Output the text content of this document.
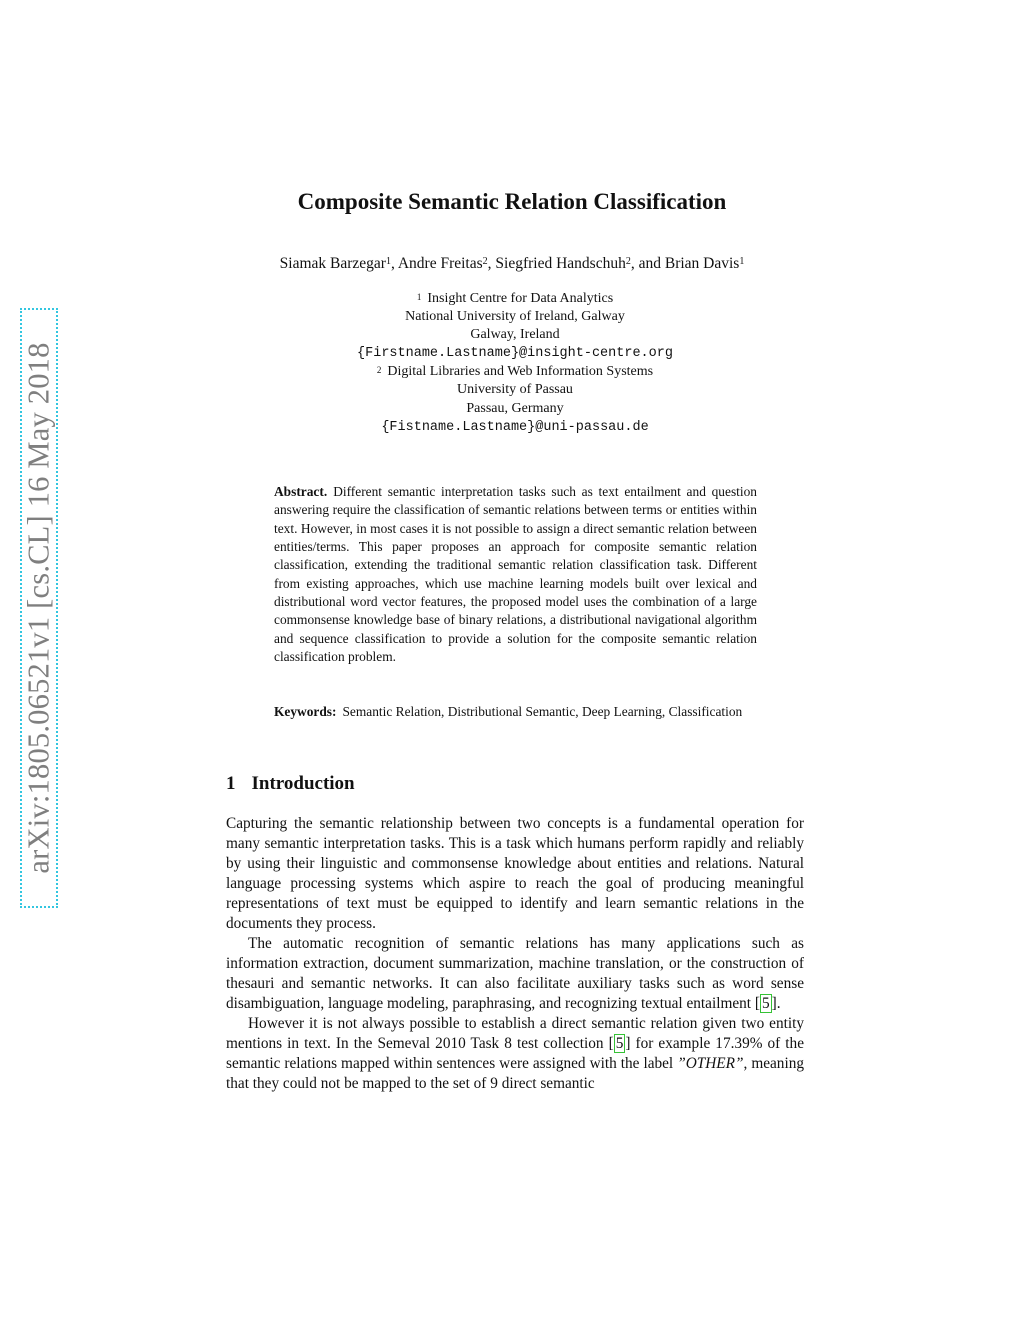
arXiv:1805.06521v1 [cs.CL] 16 May 2018
Composite Semantic Relation Classification
Siamak Barzegar$^1$, Andre Freitas$^2$, Siegfried Handschuh$^2$, and Brian Davis$^1$
$^1$ Insight Centre for Data Analytics
National University of Ireland, Galway
Galway, Ireland
{Firstname.Lastname}@insight-centre.org
$^2$ Digital Libraries and Web Information Systems
University of Passau
Passau, Germany
{Fistname.Lastname}@uni-passau.de

Abstract. Different semantic interpretation tasks such as text entailment and question answering require the classification of semantic relations between terms or entities within text. However, in most cases it is not possible to assign a direct semantic relation between entities/terms. This paper proposes an approach for composite semantic relation classification, extending the traditional semantic relation classification task. Different from existing approaches, which use machine learning models built over lexical and distributional word vector features, the proposed model uses the combination of a large commonsense knowledge base of binary relations, a distributional navigational algorithm and sequence classification to provide a solution for the composite semantic relation classification problem.

Keywords: Semantic Relation, Distributional Semantic, Deep Learning, Classification

1 Introduction

Capturing the semantic relationship between two concepts is a fundamental operation for many semantic interpretation tasks. This is a task which humans perform rapidly and reliably by using their linguistic and commonsense knowledge about entities and relations. Natural language processing systems which aspire to reach the goal of producing meaningful representations of text must be equipped to identify and learn semantic relations in the documents they process.

The automatic recognition of semantic relations has many applications such as information extraction, document summarization, machine translation, or the construction of thesauri and semantic networks. It can also facilitate auxiliary tasks such as word sense disambiguation, language modeling, paraphrasing, and recognizing textual entailment [ 5 ].

However it is not always possible to establish a direct semantic relation given two entity mentions in text. In the Semeval 2010 Task 8 test collection [ 5 ] for example 17.39% of the semantic relations mapped within sentences were assigned with the label ”OTHER”, meaning that they could not be mapped to the set of 9 direct semantic
